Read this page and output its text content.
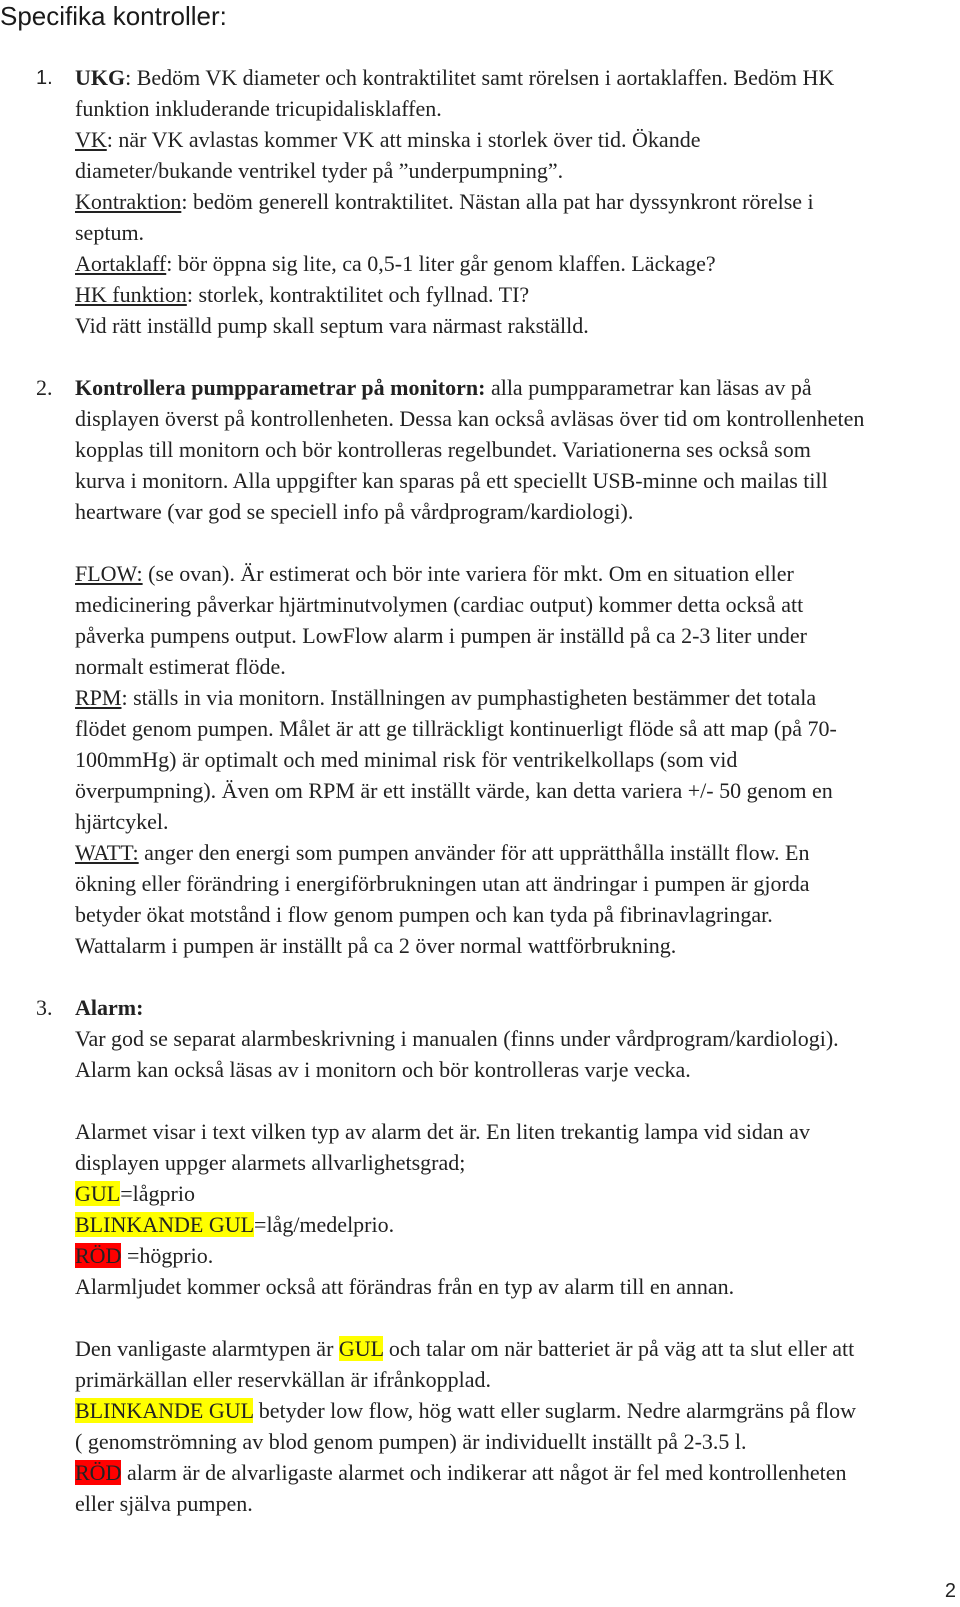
Specifika kontroller:
1. UKG: Bedöm VK diameter och kontraktilitet samt rörelsen i aortaklaffen. Bedöm HK
funktion inkluderande tricupidalisklaffen.
VK: när VK avlastas kommer VK att minska i storlek över tid. Ökande
diameter/bukande ventrikel tyder på ”underpumpning”.
Kontraktion: bedöm generell kontraktilitet. Nästan alla pat har dyssynkront rörelse i
septum.
Aortaklaff: bör öppna sig lite, ca 0,5-1 liter går genom klaffen. Läckage?
HK funktion: storlek, kontraktilitet och fyllnad. TI?
Vid rätt inställd pump skall septum vara närmast rakställd.
2. Kontrollera pumpparametrar på monitorn: alla pumpparametrar kan läsas av på
displayen överst på kontrollenheten. Dessa kan också avläsas över tid om kontrollenheten
kopplas till monitorn och bör kontrolleras regelbundet. Variationerna ses också som
kurva i monitorn. Alla uppgifter kan sparas på ett speciellt USB-minne och mailas till
heartware (var god se speciell info på vårdprogram/kardiologi).
FLOW: (se ovan). Är estimerat och bör inte variera för mkt. Om en situation eller
medicinering påverkar hjärtminutvolymen (cardiac output) kommer detta också att
påverka pumpens output. LowFlow alarm i pumpen är inställd på ca 2-3 liter under
normalt estimerat flöde.
RPM: ställs in via monitorn. Inställningen av pumphastigheten bestämmer det totala
flödet genom pumpen. Målet är att ge tillräckligt kontinuerligt flöde så att map (på 70-
100mmHg) är optimalt och med minimal risk för ventrikelkollaps (som vid
överpumpning). Även om RPM är ett inställt värde, kan detta variera +/- 50 genom en
hjärtcykel.
WATT: anger den energi som pumpen använder för att upprätthålla inställt flow. En
ökning eller förändring i energiförbrukningen utan att ändringar i pumpen är gjorda
betyder ökat motstånd i flow genom pumpen och kan tyda på fibrinavlagringar.
Wattalarm i pumpen är inställt på ca 2 över normal wattförbrukning.
3. Alarm:
Var god se separat alarmbeskrivning i manualen (finns under vårdprogram/kardiologi).
Alarm kan också läsas av i monitorn och bör kontrolleras varje vecka.
Alarmet visar i text vilken typ av alarm det är. En liten trekantig lampa vid sidan av
displayen uppger alarmets allvarlighetsgrad;
GUL=lågprio
BLINKANDE GUL=låg/medelprio.
RÖD =högprio.
Alarmljudet kommer också att förändras från en typ av alarm till en annan.
Den vanligaste alarmtypen är GUL och talar om när batteriet är på väg att ta slut eller att
primärkällan eller reservkällan är ifrånkopplad.
BLINKANDE GUL betyder low flow, hög watt eller suglarm. Nedre alarmgräns på flow
( genomströmning av blod genom pumpen) är individuellt inställt på 2-3.5 l.
RÖD alarm är de alvarligaste alarmet och indikerar att något är fel med kontrollenheten
eller själva pumpen.
2
